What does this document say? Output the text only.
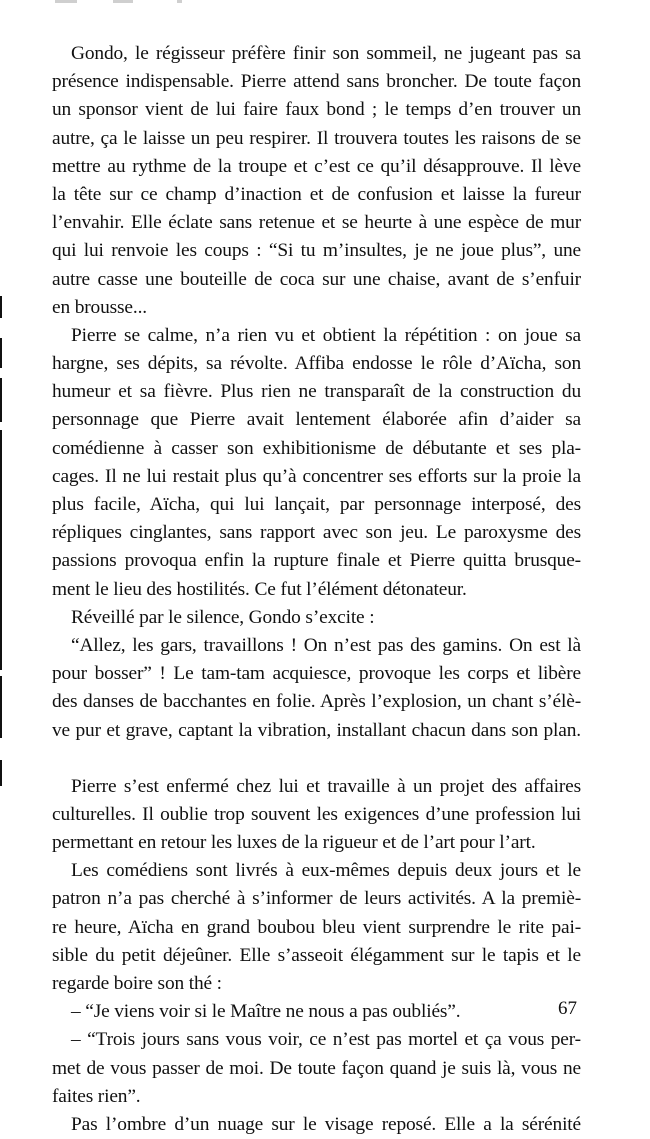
Gondo, le régisseur préfère finir son sommeil, ne jugeant pas sa
présence indispensable. Pierre attend sans broncher. De toute façon
un sponsor vient de lui faire faux bond ; le temps d’en trouver un
autre, ça le laisse un peu respirer. Il trouvera toutes les raisons de se
mettre au rythme de la troupe et c’est ce qu’il désapprouve. Il lève
la tête sur ce champ d’inaction et de confusion et laisse la fureur
l’envahir. Elle éclate sans retenue et se heurte à une espèce de mur
qui lui renvoie les coups : “Si tu m’insultes, je ne joue plus”, une
autre casse une bouteille de coca sur une chaise, avant de s’enfuir
en brousse...
Pierre se calme, n’a rien vu et obtient la répétition : on joue sa
hargne, ses dépits, sa révolte. Affiba endosse le rôle d’Aïcha, son
humeur et sa fièvre. Plus rien ne transparaît de la construction du
personnage que Pierre avait lentement élaborée afin d’aider sa
comédienne à casser son exhibitionisme de débutante et ses pla-
cages. Il ne lui restait plus qu’à concentrer ses efforts sur la proie la
plus facile, Aïcha, qui lui lançait, par personnage interposé, des
répliques cinglantes, sans rapport avec son jeu. Le paroxysme des
passions provoqua enfin la rupture finale et Pierre quitta brusque-
ment le lieu des hostilités. Ce fut l’élément détonateur.
Réveillé par le silence, Gondo s’excite :
“Allez, les gars, travaillons ! On n’est pas des gamins. On est là
pour bosser” ! Le tam-tam acquiesce, provoque les corps et libère
des danses de bacchantes en folie. Après l’explosion, un chant s’élè-
ve pur et grave, captant la vibration, installant chacun dans son plan.
Pierre s’est enfermé chez lui et travaille à un projet des affaires
culturelles. Il oublie trop souvent les exigences d’une profession lui
permettant en retour les luxes de la rigueur et de l’art pour l’art.
Les comédiens sont livrés à eux-mêmes depuis deux jours et le
patron n’a pas cherché à s’informer de leurs activités. A la premiè-
re heure, Aïcha en grand boubou bleu vient surprendre le rite pai-
sible du petit déjeûner. Elle s’asseoit élégamment sur le tapis et le
regarde boire son thé :
– “Je viens voir si le Maître ne nous a pas oubliés”.
– “Trois jours sans vous voir, ce n’est pas mortel et ça vous per-
met de vous passer de moi. De toute façon quand je suis là, vous ne
faites rien”.
Pas l’ombre d’un nuage sur le visage reposé. Elle a la sérénité
67
